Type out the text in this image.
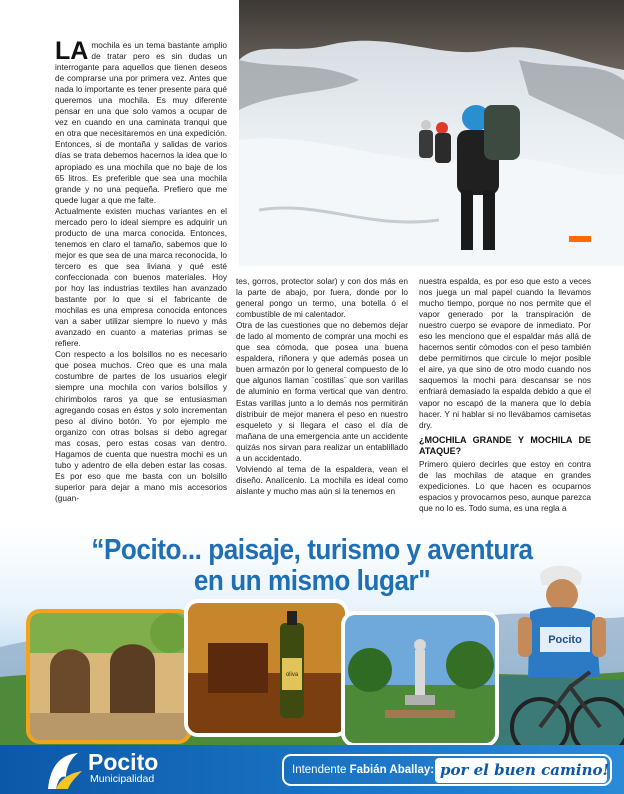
LA mochila es un tema bastante amplio de tratar pero es sin dudas un interrogante para aquellos que tienen deseos de comprarse una por primera vez. Antes que nada lo importante es tener presente para qué queremos una mochila. Es muy diferente pensar en una que solo vamos a ocupar de vez en cuando en una caminata tranqui que en otra que necesitaremos en una expedición. Entonces, si de montaña y salidas de varios días se trata debemos hacernos la idea que lo apropiado es una mochila que no baje de los 65 litros. Es preferible que sea una mochila grande y no una pequeña. Prefiero que me quede lugar a que me falte.

Actualmente existen muchas variantes en el mercado pero lo ideal siempre es adquirir un producto de una marca conocida. Entonces, tenemos en claro el tamaño, sabemos que lo mejor es que sea de una marca reconocida, lo tercero es que sea liviana y qué esté confeccionada con buenos materiales. Hoy por hoy las industrias textiles han avanzado bastante por lo que si el fabricante de mochilas es una empresa conocida entonces van a saber utilizar siempre lo nuevo y más avanzado en cuanto a materias primas se refiere.

Con respecto a los bolsillos no es necesario que posea muchos. Creo que es una mala costumbre de partes de los usuarios elegir siempre una mochila con varios bolsillos y chirimbolos raros ya que se entusiasman agregando cosas en éstos y solo incrementan peso al divino botón. Yo por ejemplo me organizo con otras bolsas si debo agregar mas cosas, pero estas cosas van dentro. Hagamos de cuenta que nuestra mochi es un tubo y adentro de ella deben estar las cosas. Es por eso que me basta con un bolsillo superior para dejar a mano mis accesorios (guan-

tes, gorros, protector solar) y con dos más en la parte de abajo, por fuera, donde por lo general pongo un termo, una botella ó el combustible de mi calentador.

Otra de las cuestiones que no debemos dejar de lado al momento de comprar una mochi es que sea cómoda, que posea una buena espaldera, riñonera y que además posea un buen armazón por lo general compuesto de lo que algunos llaman ¨costillas¨ que son varillas de aluminio en forma vertical que van dentro. Estas varillas junto a lo demás nos permitirán distribuir de mejor manera el peso en nuestro esqueleto y si llegara el caso el día de mañana de una emergencia ante un accidente quizás nos sirvan para realizar un entablillado a un accidentado.

Volviendo al tema de la espaldera, vean el diseño. Analícenlo. La mochila es ideal como aislante y mucho mas aún si la tenemos en

nuestra espalda, es por eso que esto a veces nos juega un mal papel cuando la llevamos mucho tiempo, porque no nos permite que el vapor generado por la transpiración de nuestro cuerpo se evapore de inmediato. Por eso les menciono que el espaldar más allá de hacernos sentir cómodos con el peso también debe permitirnos que circule lo mejor posible el aire, ya que sino de otro modo cuando nos saquemos la mochi para descansar se nos enfriará demasiado la espalda debido a que el vapor no escapó de la manera que lo debía hacer. Y ni hablar si no llevábamos camisetas dry.

¿MOCHILA GRANDE Y MOCHILA DE ATAQUE?

Primero quiero decirles que estoy en contra de las mochilas de ataque en grandes expediciones. Lo que hacen es ocuparnos espacios y provocarnos peso, aunque parezca que no lo es. Todo suma, es una regla a

“Pocito... paisaje, turismo y aventura
en un mismo lugar"
oliva
Pocito
Pocito
Municipalidad
Intendente Fabián Aballay: por el buen camino!
